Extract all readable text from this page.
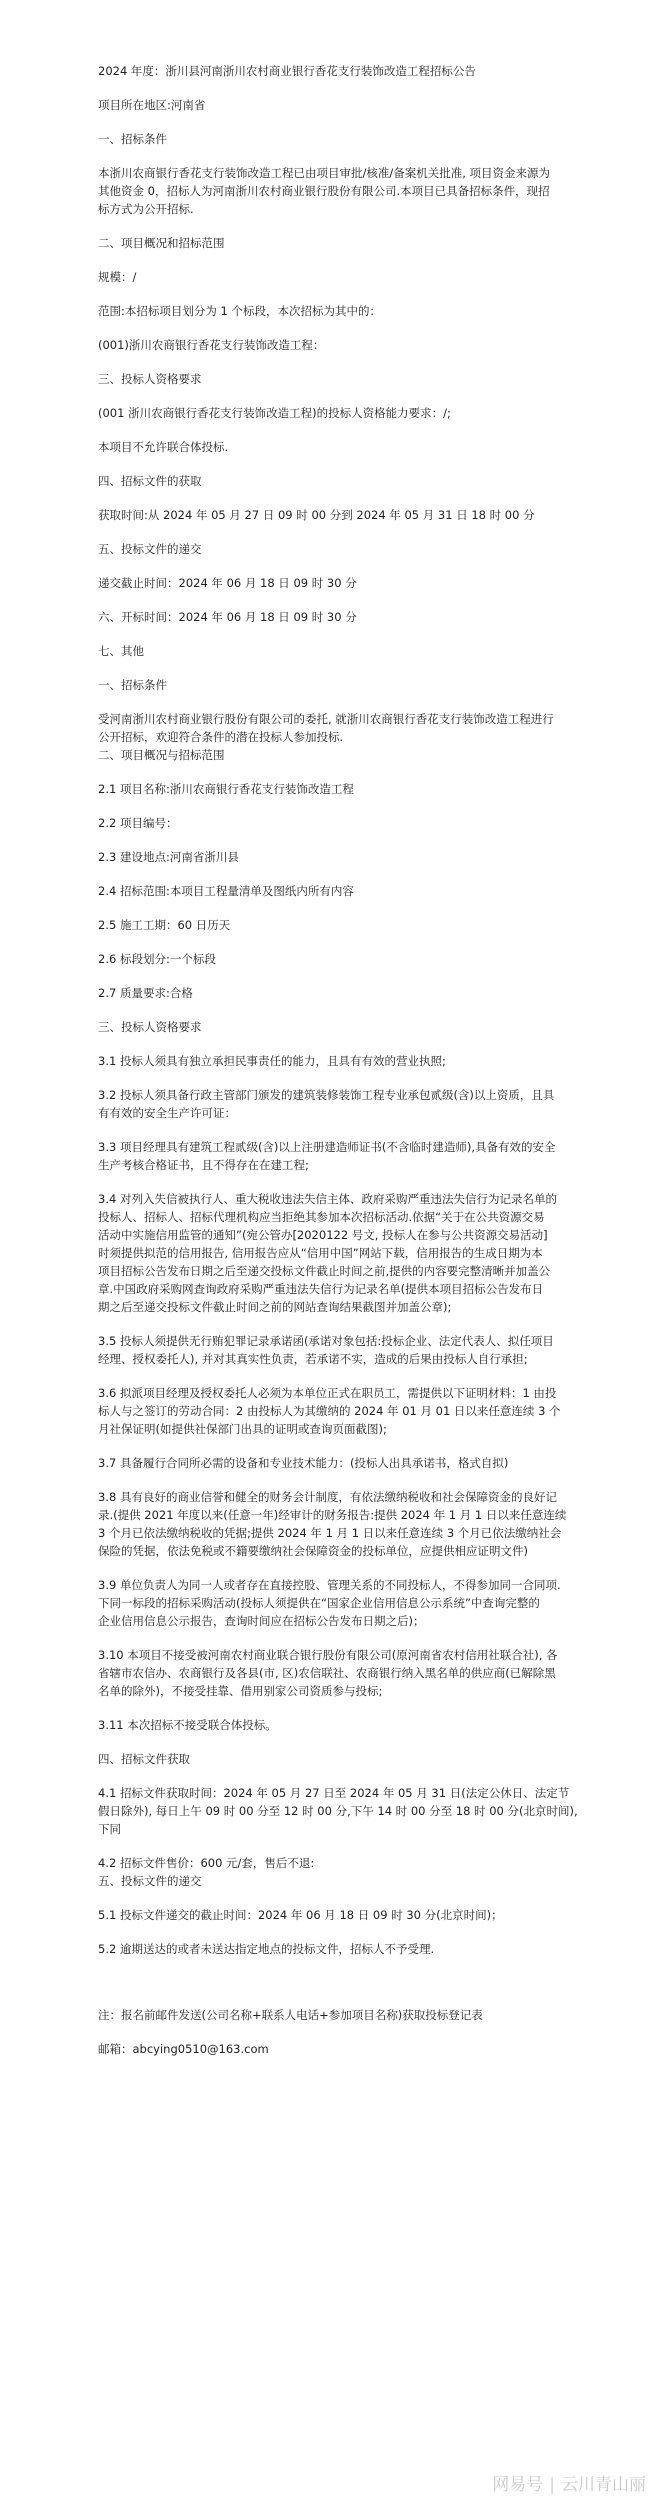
2024 年度：浙川县河南浙川农村商业银行香花支行装饰改造工程招标公告
项目所在地区:河南省
一、招标条件
本浙川农商银行香花支行装饰改造工程已由项目审批/核准/备案机关批准, 项目资金来源为
其他资金 0，招标人为河南浙川农村商业银行股份有限公司.本项目已具备招标条件，现招
标方式为公开招标.
二、项目概况和招标范围
规模：/
范围:本招标项目划分为 1 个标段，本次招标为其中的：
(001)浙川农商银行香花支行装饰改造工程：
三、投标人资格要求
(001 浙川农商银行香花支行装饰改造工程)的投标人资格能力要求：/;
本项目不允许联合体投标.
四、招标文件的获取
获取时间:从 2024 年 05 月 27 日 09 时 00 分到 2024 年 05 月 31 日 18 时 00 分
五、投标文件的递交
递交截止时间：2024 年 06 月 18 日 09 时 30 分
六、开标时间：2024 年 06 月 18 日 09 时 30 分
七、其他
一、招标条件
受河南浙川农村商业银行股份有限公司的委托, 就浙川农商银行香花支行装饰改造工程进行
公开招标，欢迎符合条件的潜在投标人参加投标.
二、项目概况与招标范围
2.1 项目名称:浙川农商银行香花支行装饰改造工程
2.2 项目编号：
2.3 建设地点:河南省浙川县
2.4 招标范围:本项目工程量清单及图纸内所有内容
2.5 施工工期：60 日历天
2.6 标段划分:一个标段
2.7 质量要求:合格
三、投标人资格要求
3.1 投标人须具有独立承担民事责任的能力，且具有有效的营业执照;
3.2 投标人须具备行政主管部门颁发的建筑装修装饰工程专业承包贰级(含)以上资质，且具
有有效的安全生产许可证：
3.3 项目经理具有建筑工程贰级(含)以上注册建造师证书(不含临时建造师),具备有效的安全
生产考核合格证书，且不得存在在建工程;
3.4 对列入失信被执行人、重大税收违法失信主体、政府采购严重违法失信行为记录名单的
投标人、招标人、招标代理机构应当拒绝其参加本次招标活动.依据“关于在公共资源交易
活动中实施信用监管的通知”(宛公管办[2020122 号文, 投标人在参与公共资源交易活动]
时须提供拟范的信用报告, 信用报告应从“信用中国”网站下载，信用报告的生成日期为本
项目招标公告发布日期之后至递交投标文件截止时间之前,提供的内容要完整清晰并加盖公
章.中国政府采购网查询政府采购严重违法失信行为记录名单(提供本项目招标公告发布日
期之后至递交投标文件截止时间之前的网站查询结果截图并加盖公章);
3.5 投标人须提供无行贿犯罪记录承诺函(承诺对象包括:投标企业、法定代表人、拟任项目
经理、授权委托人), 并对其真实性负责，若承诺不实，造成的后果由投标人自行承担;
3.6 拟派项目经理及授权委托人必须为本单位正式在职员工，需提供以下证明材料：1 由投
标人与之签订的劳动合同：2 由投标人为其缴纳的 2024 年 01 月 01 日以来任意连续 3 个
月社保证明(如提供社保部门出具的证明或查询页面截图);
3.7 具备履行合同所必需的设备和专业技术能力：(投标人出具承诺书，格式自拟)
3.8 具有良好的商业信誉和健全的财务会计制度，有依法缴纳税收和社会保障资金的良好记
录.(提供 2021 年度以来(任意一年)经审计的财务报告:提供 2024 年 1 月 1 日以来任意连续
3 个月已依法缴纳税收的凭据;提供 2024 年 1 月 1 日以来任意连续 3 个月已依法缴纳社会
保险的凭据，依法免税或不籍要缴纳社会保障资金的投标单位，应提供相应证明文件)
3.9 单位负责人为同一人或者存在直接控股、管理关系的不同投标人，不得参加同一合同项.
下同一标段的招标采购活动(投标人须提供在“国家企业信用信息公示系统”中查询完整的
企业信用信息公示报告，查询时间应在招标公告发布日期之后)；
3.10 本项目不接受被河南农村商业联合银行股份有限公司(原河南省农村信用社联合社), 各
省辖市农信办、农商银行及各县(市, 区)农信联社、农商银行纳入黑名单的供应商(已解除黑
名单的除外)，不接受挂靠、借用别家公司资质参与投标;
3.11 本次招标不接受联合体投标。
四、招标文件获取
4.1 招标文件获取时间：2024 年 05 月 27 日至 2024 年 05 月 31 日(法定公休日、法定节
假日除外), 每日上午 09 时 00 分至 12 时 00 分,下午 14 时 00 分至 18 时 00 分(北京时间),
下同
4.2 招标文件售价：600 元/套，售后不退:
五、投标文件的递交
5.1 投标文件递交的截止时间：2024 年 06 月 18 日 09 时 30 分(北京时间)；
5.2 逾期送达的或者未送达指定地点的投标文件，招标人不予受理.
注：报名前邮件发送(公司名称+联系人电话+参加项目名称)获取投标登记表
邮箱：abcying0510@163.com
网易号 | 云川青山丽
